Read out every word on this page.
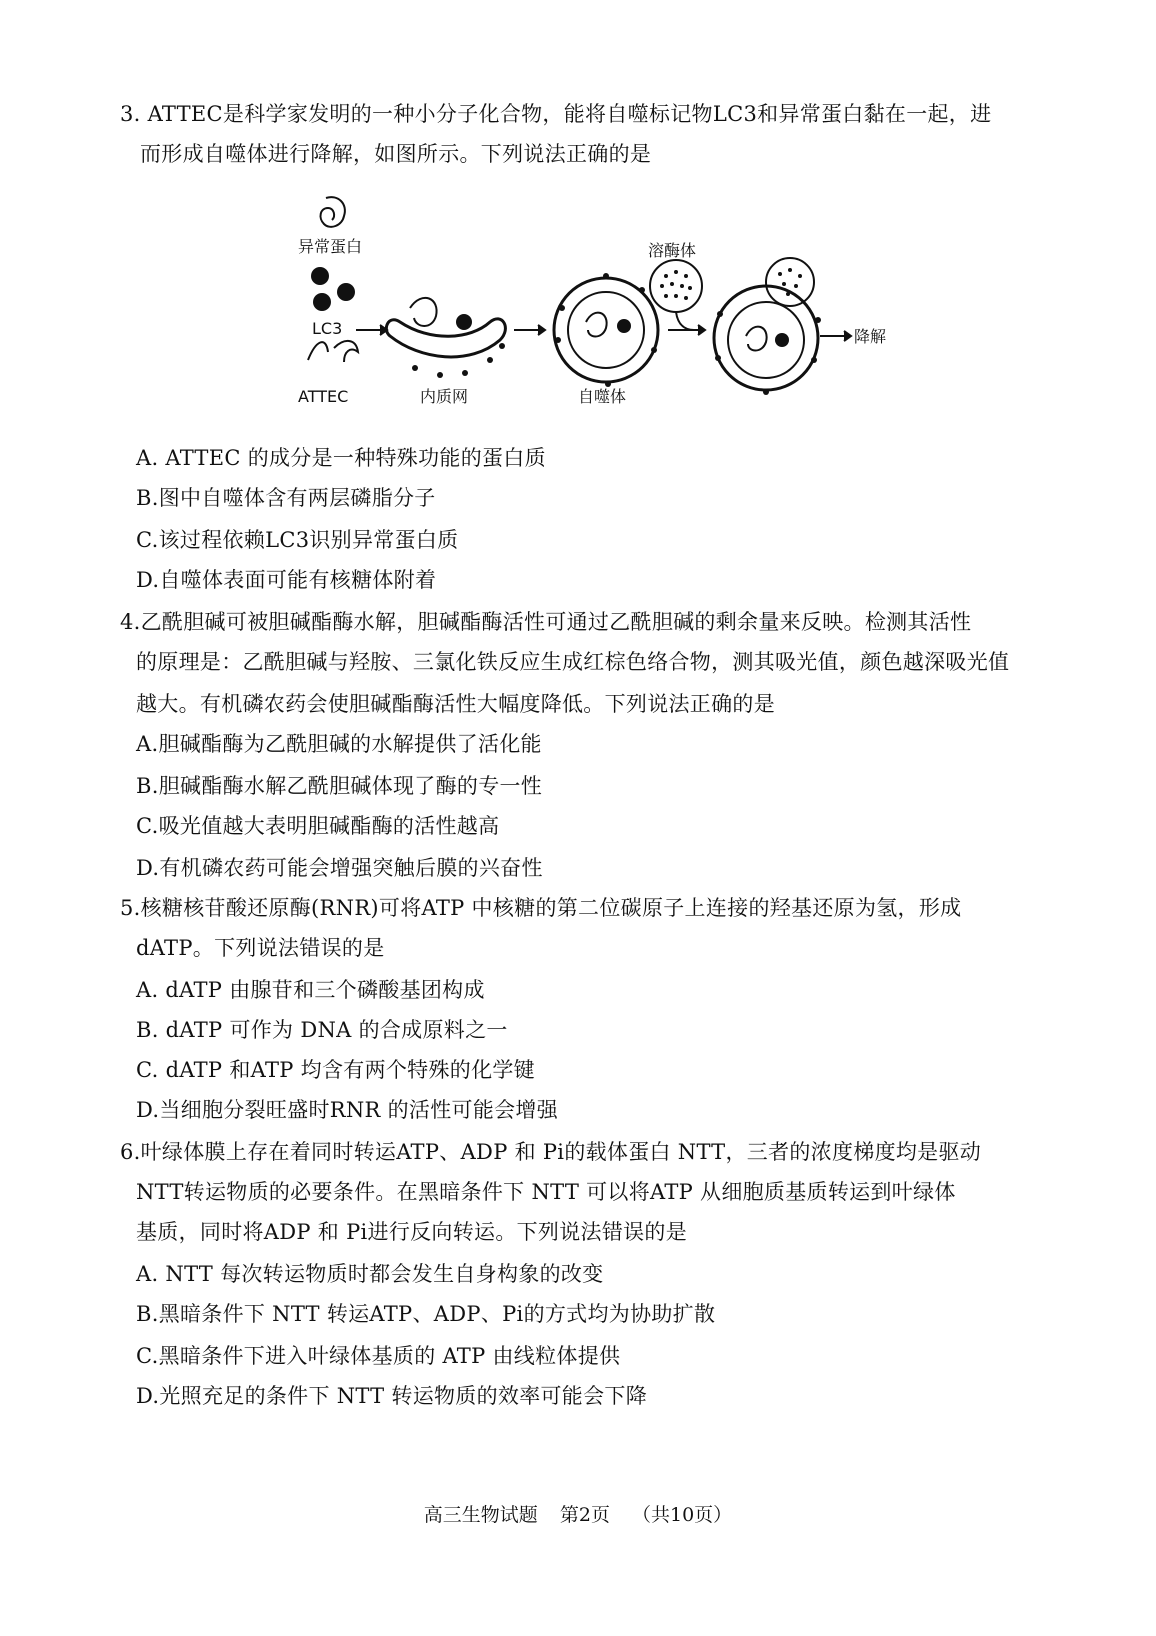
3. ATTEC是科学家发明的一种小分子化合物，能将自噬标记物LC3和异常蛋白黏在一起，进
而形成自噬体进行降解，如图所示。下列说法正确的是
异常蛋白
LC3
ATTEC	内质网	自噬体
溶酶体
降解
A. ATTEC 的成分是一种特殊功能的蛋白质
B.图中自噬体含有两层磷脂分子
C.该过程依赖LC3识别异常蛋白质
D.自噬体表面可能有核糖体附着
4.乙酰胆碱可被胆碱酯酶水解，胆碱酯酶活性可通过乙酰胆碱的剩余量来反映。检测其活性
的原理是：乙酰胆碱与羟胺、三氯化铁反应生成红棕色络合物，测其吸光值，颜色越深吸光值
越大。有机磷农药会使胆碱酯酶活性大幅度降低。下列说法正确的是
A.胆碱酯酶为乙酰胆碱的水解提供了活化能
B.胆碱酯酶水解乙酰胆碱体现了酶的专一性
C.吸光值越大表明胆碱酯酶的活性越高
D.有机磷农药可能会增强突触后膜的兴奋性
5.核糖核苷酸还原酶(RNR)可将ATP 中核糖的第二位碳原子上连接的羟基还原为氢，形成
dATP。下列说法错误的是
A. dATP 由腺苷和三个磷酸基团构成
B. dATP 可作为 DNA 的合成原料之一
C. dATP 和ATP 均含有两个特殊的化学键
D.当细胞分裂旺盛时RNR 的活性可能会增强
6.叶绿体膜上存在着同时转运ATP、ADP 和 Pi的载体蛋白 NTT，三者的浓度梯度均是驱动
NTT转运物质的必要条件。在黑暗条件下 NTT 可以将ATP 从细胞质基质转运到叶绿体
基质，同时将ADP 和 Pi进行反向转运。下列说法错误的是
A. NTT 每次转运物质时都会发生自身构象的改变
B.黑暗条件下 NTT 转运ATP、ADP、Pi的方式均为协助扩散
C.黑暗条件下进入叶绿体基质的 ATP 由线粒体提供
D.光照充足的条件下 NTT 转运物质的效率可能会下降
高三生物试题 第2页 （共10页）
